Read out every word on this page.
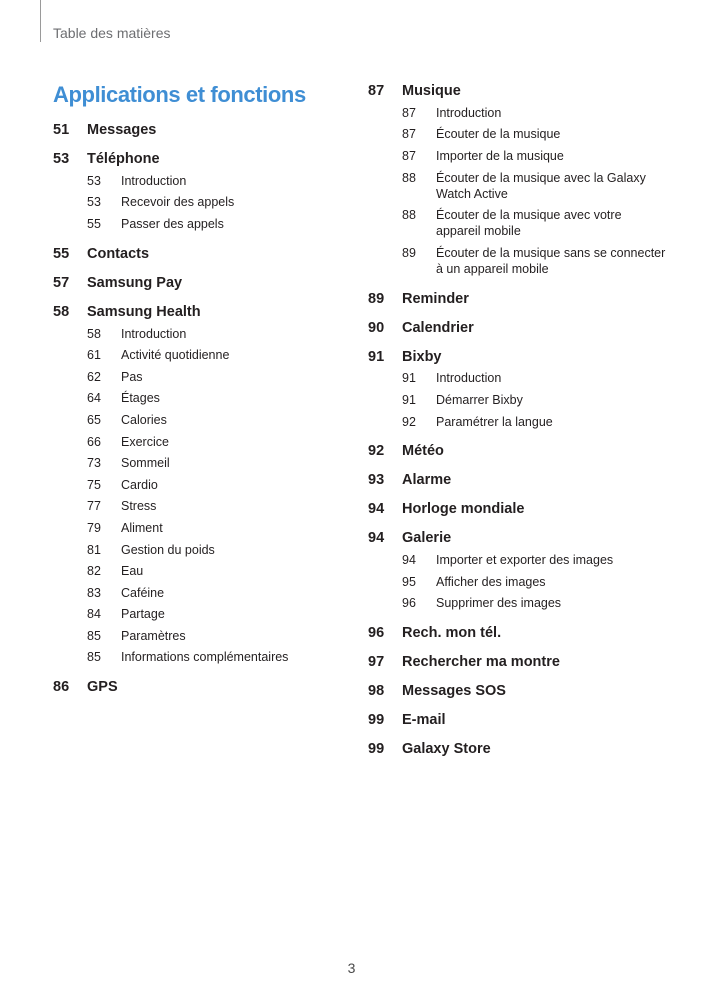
Table des matières
Applications et fonctions
51	Messages
53	Téléphone
53	Introduction
53	Recevoir des appels
55	Passer des appels
55	Contacts
57	Samsung Pay
58	Samsung Health
58	Introduction
61	Activité quotidienne
62	Pas
64	Étages
65	Calories
66	Exercice
73	Sommeil
75	Cardio
77	Stress
79	Aliment
81	Gestion du poids
82	Eau
83	Caféine
84	Partage
85	Paramètres
85	Informations complémentaires
86	GPS
87	Musique
87	Introduction
87	Écouter de la musique
87	Importer de la musique
88	Écouter de la musique avec la Galaxy Watch Active
88	Écouter de la musique avec votre appareil mobile
89	Écouter de la musique sans se connecter à un appareil mobile
89	Reminder
90	Calendrier
91	Bixby
91	Introduction
91	Démarrer Bixby
92	Paramétrer la langue
92	Météo
93	Alarme
94	Horloge mondiale
94	Galerie
94	Importer et exporter des images
95	Afficher des images
96	Supprimer des images
96	Rech. mon tél.
97	Rechercher ma montre
98	Messages SOS
99	E-mail
99	Galaxy Store
3
